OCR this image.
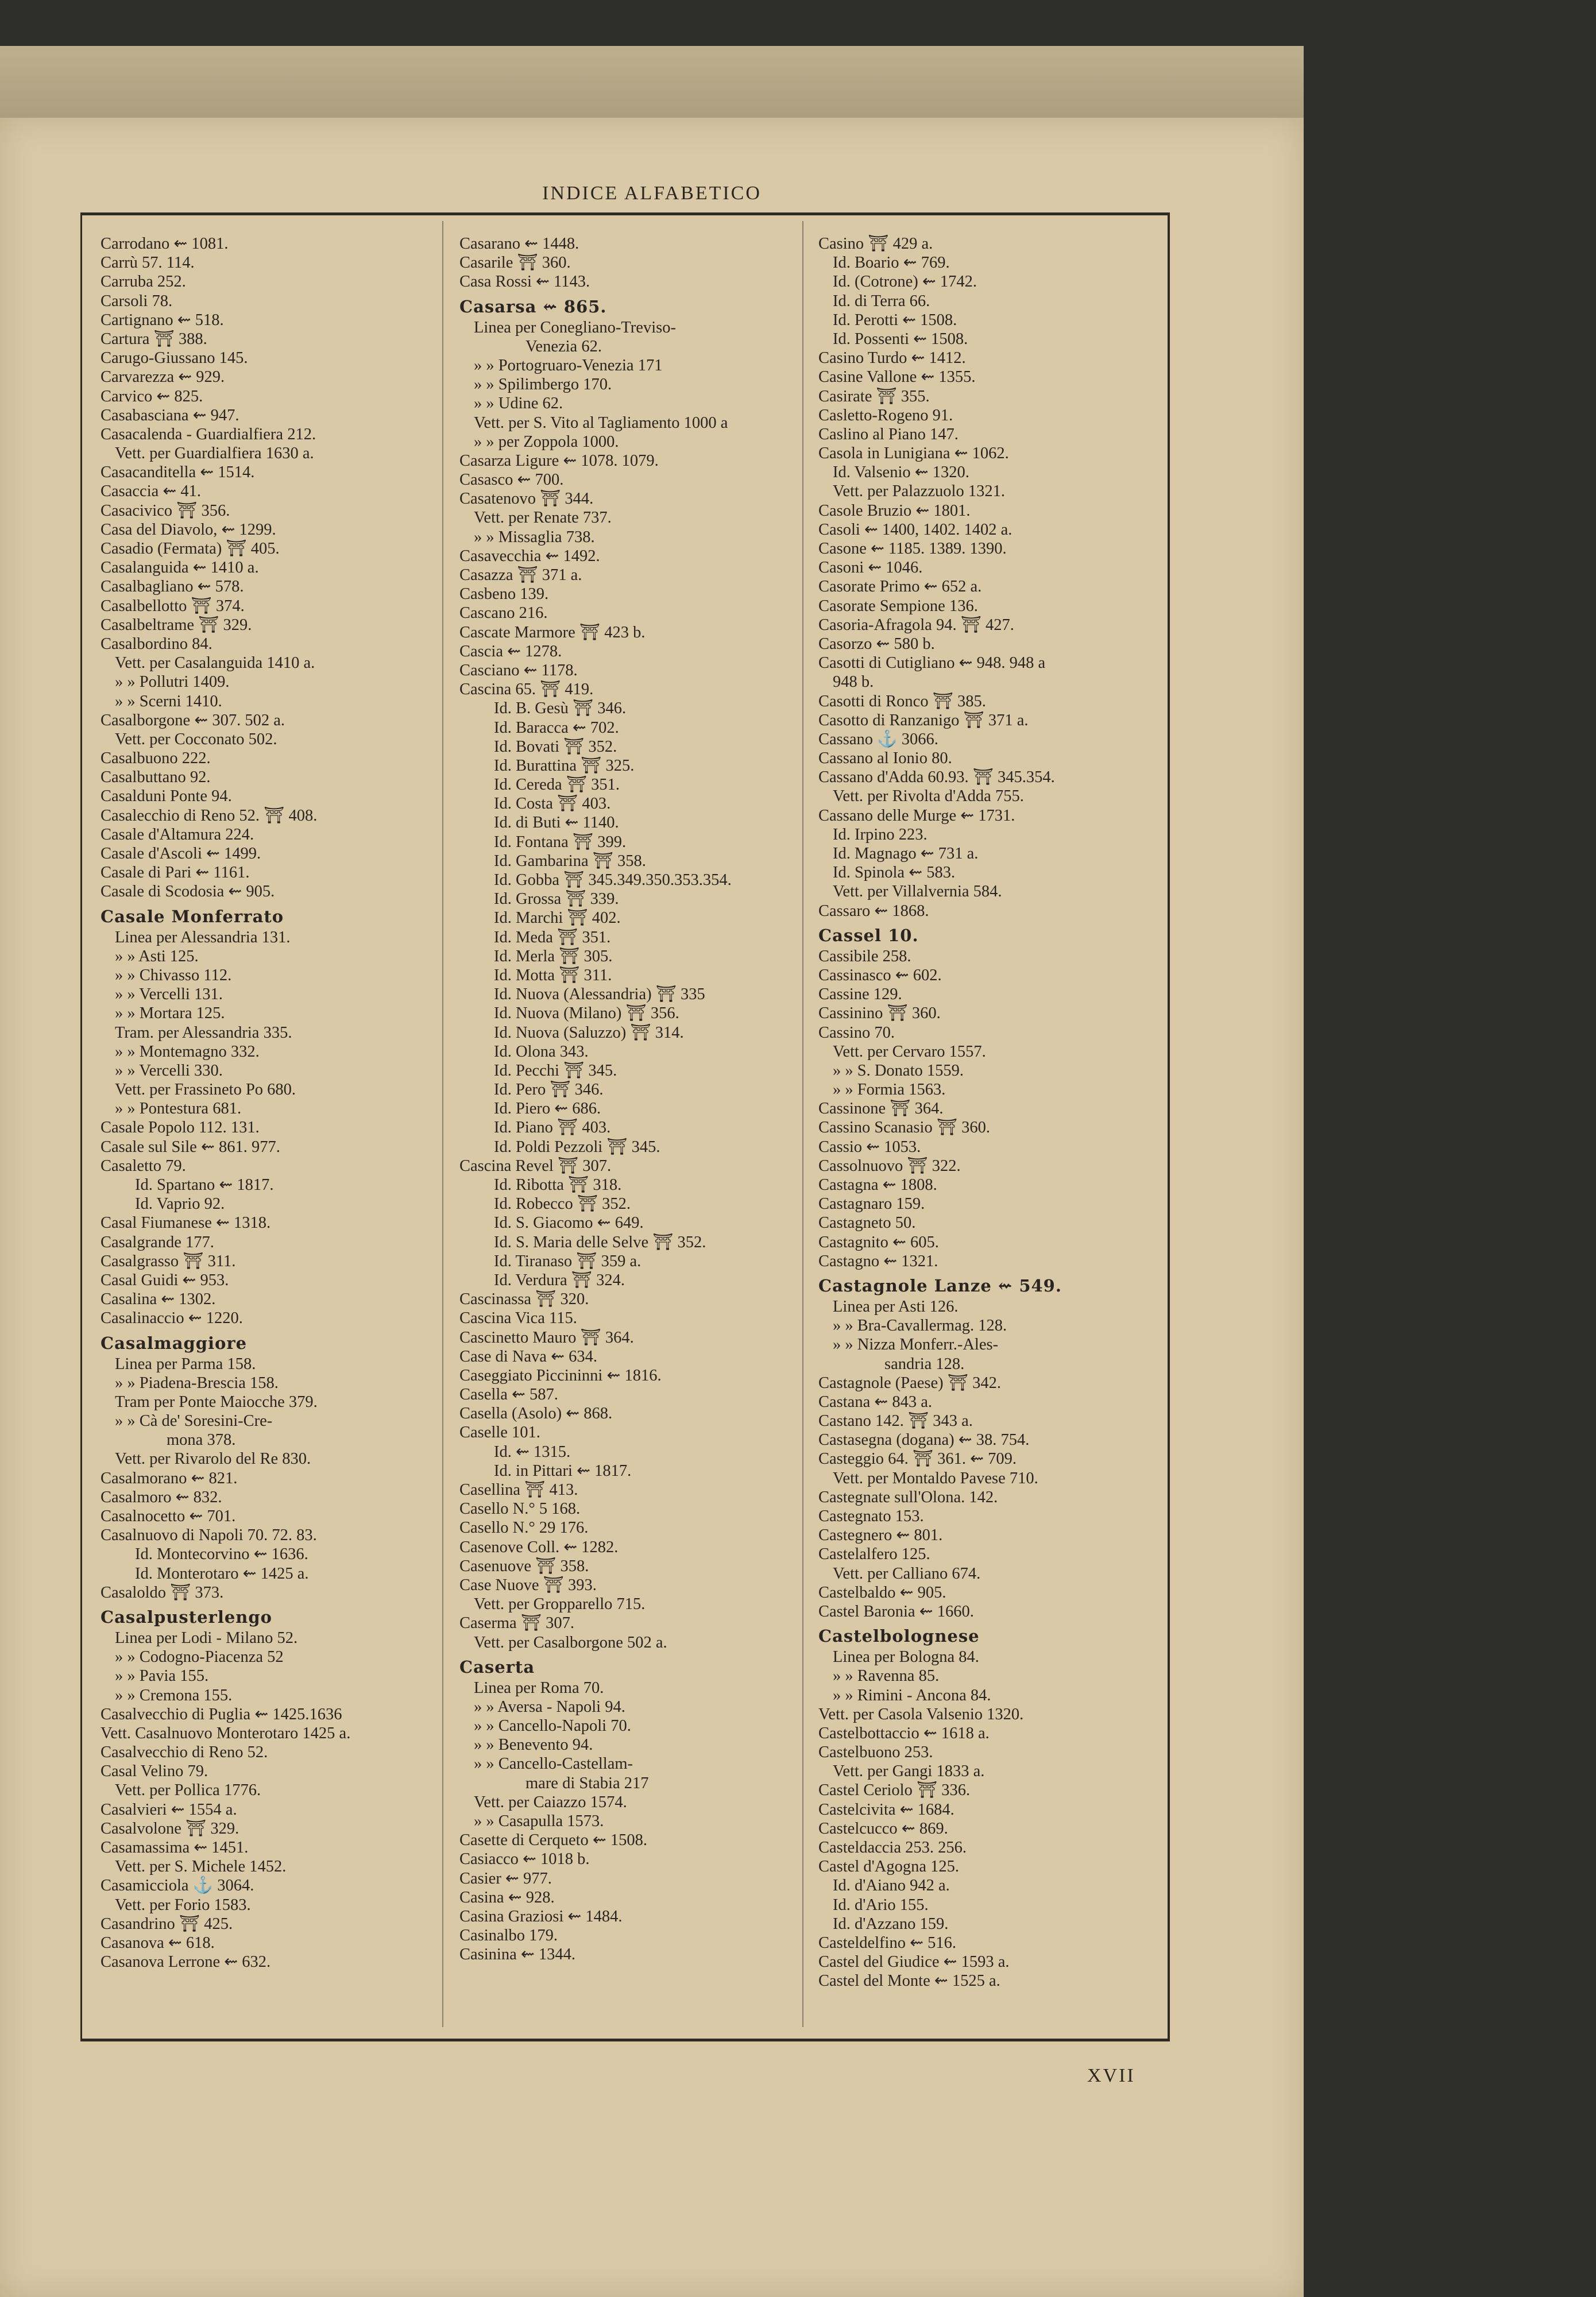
INDICE ALFABETICO
Carrodano ⇜ 1081.
Carrù 57. 114.
Carruba 252.
Carsoli 78.
Cartignano ⇜ 518.
Cartura ⛩ 388.
Carugo-Giussano 145.
Carvarezza ⇜ 929.
Carvico ⇜ 825.
Casabasciana ⇜ 947.
Casacalenda - Guardialfiera 212.
Vett. per Guardialfiera 1630 a.
Casacanditella ⇜ 1514.
Casaccia ⇜ 41.
Casacivico ⛩ 356.
Casa del Diavolo, ⇜ 1299.
Casadio (Fermata) ⛩ 405.
Casalanguida ⇜ 1410 a.
Casalbagliano ⇜ 578.
Casalbellotto ⛩ 374.
Casalbeltrame ⛩ 329.
Casalbordino 84.
Vett. per Casalanguida 1410 a.
» » Pollutri 1409.
» » Scerni 1410.
Casalborgone ⇜ 307. 502 a.
Vett. per Cocconato 502.
Casalbuono 222.
Casalbuttano 92.
Casalduni Ponte 94.
Casalecchio di Reno 52. ⛩ 408.
Casale d'Altamura 224.
Casale d'Ascoli ⇜ 1499.
Casale di Pari ⇜ 1161.
Casale di Scodosia ⇜ 905.
Casale Monferrato
Linea per Alessandria 131.
» » Asti 125.
» » Chivasso 112.
» » Vercelli 131.
» » Mortara 125.
Tram. per Alessandria 335.
» » Montemagno 332.
» » Vercelli 330.
Vett. per Frassineto Po 680.
» » Pontestura 681.
Casale Popolo 112. 131.
Casale sul Sile ⇜ 861. 977.
Casaletto 79.
Id. Spartano ⇜ 1817.
Id. Vaprio 92.
Casal Fiumanese ⇜ 1318.
Casalgrande 177.
Casalgrasso ⛩ 311.
Casal Guidi ⇜ 953.
Casalina ⇜ 1302.
Casalinaccio ⇜ 1220.
Casalmaggiore
Linea per Parma 158.
» » Piadena-Brescia 158.
Tram per Ponte Maiocche 379.
» » Cà de' Soresini-Cre-
mona 378.
Vett. per Rivarolo del Re 830.
Casalmorano ⇜ 821.
Casalmoro ⇜ 832.
Casalnocetto ⇜ 701.
Casalnuovo di Napoli 70. 72. 83.
Id. Montecorvino ⇜ 1636.
Id. Monterotaro ⇜ 1425 a.
Casaloldo ⛩ 373.
Casalpusterlengo
Linea per Lodi - Milano 52.
» » Codogno-Piacenza 52
» » Pavia 155.
» » Cremona 155.
Casalvecchio di Puglia ⇜ 1425.1636
Vett. Casalnuovo Monterotaro 1425 a.
Casalvecchio di Reno 52.
Casal Velino 79.
Vett. per Pollica 1776.
Casalvieri ⇜ 1554 a.
Casalvolone ⛩ 329.
Casamassima ⇜ 1451.
Vett. per S. Michele 1452.
Casamicciola ⚓ 3064.
Vett. per Forio 1583.
Casandrino ⛩ 425.
Casanova ⇜ 618.
Casanova Lerrone ⇜ 632.
Casarano ⇜ 1448.
Casarile ⛩ 360.
Casa Rossi ⇜ 1143.
Casarsa ⇜ 865.
Linea per Conegliano-Treviso-
Venezia 62.
» » Portogruaro-Venezia 171
» » Spilimbergo 170.
» » Udine 62.
Vett. per S. Vito al Tagliamento 1000 a
» » per Zoppola 1000.
Casarza Ligure ⇜ 1078. 1079.
Casasco ⇜ 700.
Casatenovo ⛩ 344.
Vett. per Renate 737.
» » Missaglia 738.
Casavecchia ⇜ 1492.
Casazza ⛩ 371 a.
Casbeno 139.
Cascano 216.
Cascate Marmore ⛩ 423 b.
Cascia ⇜ 1278.
Casciano ⇜ 1178.
Cascina 65. ⛩ 419.
Id. B. Gesù ⛩ 346.
Id. Baraccа ⇜ 702.
Id. Bovati ⛩ 352.
Id. Burattina ⛩ 325.
Id. Cereda ⛩ 351.
Id. Costa ⛩ 403.
Id. di Buti ⇜ 1140.
Id. Fontana ⛩ 399.
Id. Gambarina ⛩ 358.
Id. Gobba ⛩ 345.349.350.353.354.
Id. Grossa ⛩ 339.
Id. Marchi ⛩ 402.
Id. Meda ⛩ 351.
Id. Merla ⛩ 305.
Id. Motta ⛩ 311.
Id. Nuova (Alessandria) ⛩ 335
Id. Nuova (Milano) ⛩ 356.
Id. Nuova (Saluzzo) ⛩ 314.
Id. Olona 343.
Id. Pecchi ⛩ 345.
Id. Pero ⛩ 346.
Id. Piero ⇜ 686.
Id. Piano ⛩ 403.
Id. Poldi Pezzoli ⛩ 345.
Cascina Revel ⛩ 307.
Id. Ribotta ⛩ 318.
Id. Robecco ⛩ 352.
Id. S. Giacomo ⇜ 649.
Id. S. Maria delle Selve ⛩ 352.
Id. Tiranaso ⛩ 359 a.
Id. Verdura ⛩ 324.
Cascinassa ⛩ 320.
Cascina Vica 115.
Cascinetto Mauro ⛩ 364.
Case di Nava ⇜ 634.
Caseggiato Piccininni ⇜ 1816.
Casella ⇜ 587.
Casella (Asolo) ⇜ 868.
Caselle 101.
Id. ⇜ 1315.
Id. in Pittari ⇜ 1817.
Casellina ⛩ 413.
Casello N.° 5 168.
Casello N.° 29 176.
Casenove Coll. ⇜ 1282.
Casenuove ⛩ 358.
Case Nuove ⛩ 393.
Vett. per Gropparello 715.
Caserma ⛩ 307.
Vett. per Casalborgone 502 a.
Caserta
Linea per Roma 70.
» » Aversa - Napoli 94.
» » Cancello-Napoli 70.
» » Benevento 94.
» » Cancello-Castellam-
mare di Stabia 217
Vett. per Caiazzo 1574.
» » Casapulla 1573.
Casette di Cerqueto ⇜ 1508.
Casiacco ⇜ 1018 b.
Casier ⇜ 977.
Casina ⇜ 928.
Casina Graziosi ⇜ 1484.
Casinalbo 179.
Casinina ⇜ 1344.
Casino ⛩ 429 a.
Id. Boario ⇜ 769.
Id. (Cotrone) ⇜ 1742.
Id. di Terra 66.
Id. Perotti ⇜ 1508.
Id. Possenti ⇜ 1508.
Casino Turdo ⇜ 1412.
Casine Vallone ⇜ 1355.
Casirate ⛩ 355.
Casletto-Rogeno 91.
Caslino al Piano 147.
Casola in Lunigiana ⇜ 1062.
Id. Valsenio ⇜ 1320.
Vett. per Palazzuolo 1321.
Casole Bruzio ⇜ 1801.
Casoli ⇜ 1400, 1402. 1402 a.
Casone ⇜ 1185. 1389. 1390.
Casoni ⇜ 1046.
Casorate Primo ⇜ 652 a.
Casorate Sempione 136.
Casoria-Afragola 94. ⛩ 427.
Casorzo ⇜ 580 b.
Casotti di Cutigliano ⇜ 948. 948 a
948 b.
Casotti di Ronco ⛩ 385.
Casotto di Ranzanigo ⛩ 371 a.
Cassano ⚓ 3066.
Cassano al Ionio 80.
Cassano d'Adda 60.93. ⛩ 345.354.
Vett. per Rivolta d'Adda 755.
Cassano delle Murge ⇜ 1731.
Id. Irpino 223.
Id. Magnago ⇜ 731 a.
Id. Spinola ⇜ 583.
Vett. per Villalvernia 584.
Cassaro ⇜ 1868.
Cassel 10.
Cassibile 258.
Cassinasco ⇜ 602.
Cassine 129.
Cassinino ⛩ 360.
Cassino 70.
Vett. per Cervaro 1557.
» » S. Donato 1559.
» » Formia 1563.
Cassinone ⛩ 364.
Cassino Scanasio ⛩ 360.
Cassio ⇜ 1053.
Cassolnuovo ⛩ 322.
Castagna ⇜ 1808.
Castagnaro 159.
Castagneto 50.
Castagnito ⇜ 605.
Castagno ⇜ 1321.
Castagnole Lanze ⇜ 549.
Linea per Asti 126.
» » Bra-Cavallermag. 128.
» » Nizza Monferr.-Ales-
sandria 128.
Castagnole (Paese) ⛩ 342.
Castana ⇜ 843 a.
Castano 142. ⛩ 343 a.
Castasegna (dogana) ⇜ 38. 754.
Casteggio 64. ⛩ 361. ⇜ 709.
Vett. per Montaldo Pavese 710.
Castegnate sull'Olona. 142.
Castegnato 153.
Castegnero ⇜ 801.
Castelalfero 125.
Vett. per Calliano 674.
Castelbaldo ⇜ 905.
Castel Baronia ⇜ 1660.
Castelbolognese
Linea per Bologna 84.
» » Ravenna 85.
» » Rimini - Ancona 84.
Vett. per Casola Valsenio 1320.
Castelbottaccio ⇜ 1618 a.
Castelbuono 253.
Vett. per Gangi 1833 a.
Castel Ceriolo ⛩ 336.
Castelcivita ⇜ 1684.
Castelcucco ⇜ 869.
Casteldaccia 253. 256.
Castel d'Agogna 125.
Id. d'Aiano 942 a.
Id. d'Ario 155.
Id. d'Azzano 159.
Casteldelfino ⇜ 516.
Castel del Giudice ⇜ 1593 a.
Castel del Monte ⇜ 1525 a.
XVII
